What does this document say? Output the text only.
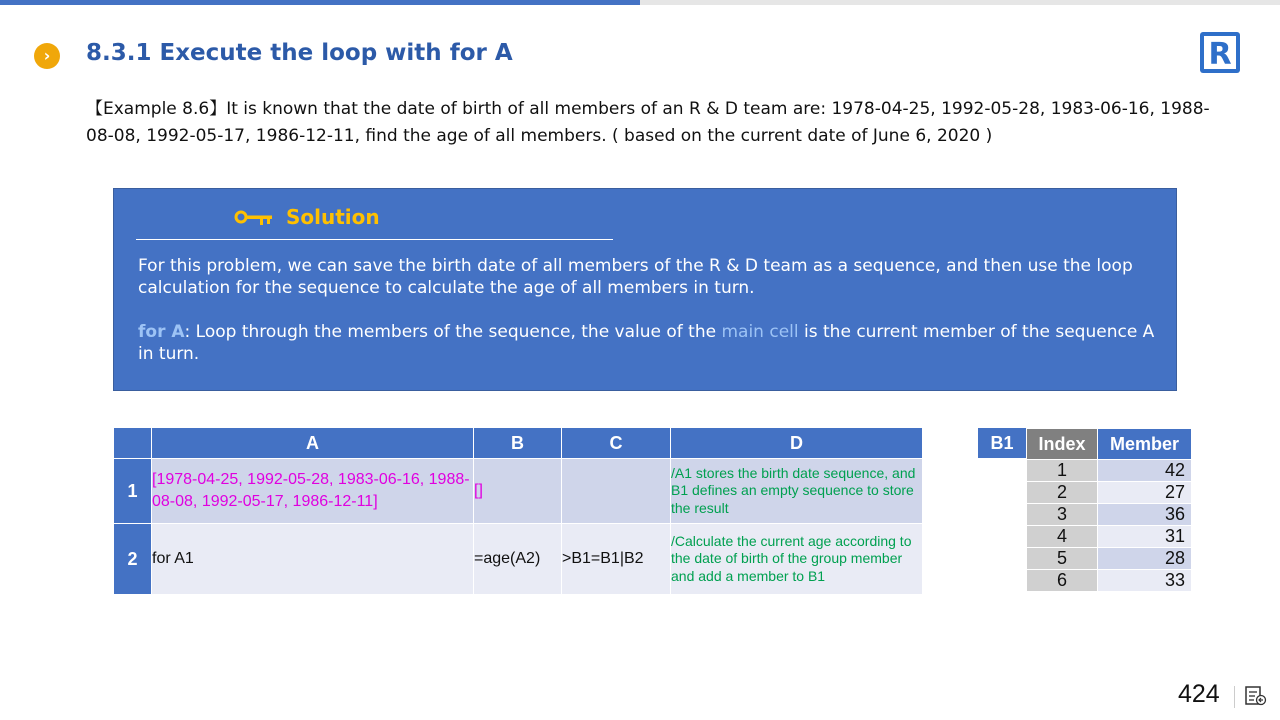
›	8.3.1 Execute the loop with for A	R
【Example 8.6】It is known that the date of birth of all members of an R & D team are: 1978-04-25, 1992-05-28, 1983-06-16, 1988-08-08, 1992-05-17, 1986-12-11, find the age of all members. ( based on the current date of June 6, 2020 )
Solution
For this problem, we can save the birth date of all members of the R & D team as a sequence, and then use the loop calculation for the sequence to calculate the age of all members in turn.
for A: Loop through the members of the sequence, the value of the main cell is the current member of the sequence A in turn.
	A	B	C	D
1	[1978-04-25, 1992-05-28, 1983-06-16, 1988-08-08, 1992-05-17, 1986-12-11]	[]		/A1 stores the birth date sequence, and B1 defines an empty sequence to store the result
2	for A1	=age(A2)	>B1=B1|B2	/Calculate the current age according to the date of birth of the group member and add a member to B1
B1	Index	Member
1	42
2	27
3	36
4	31
5	28
6	33
424
